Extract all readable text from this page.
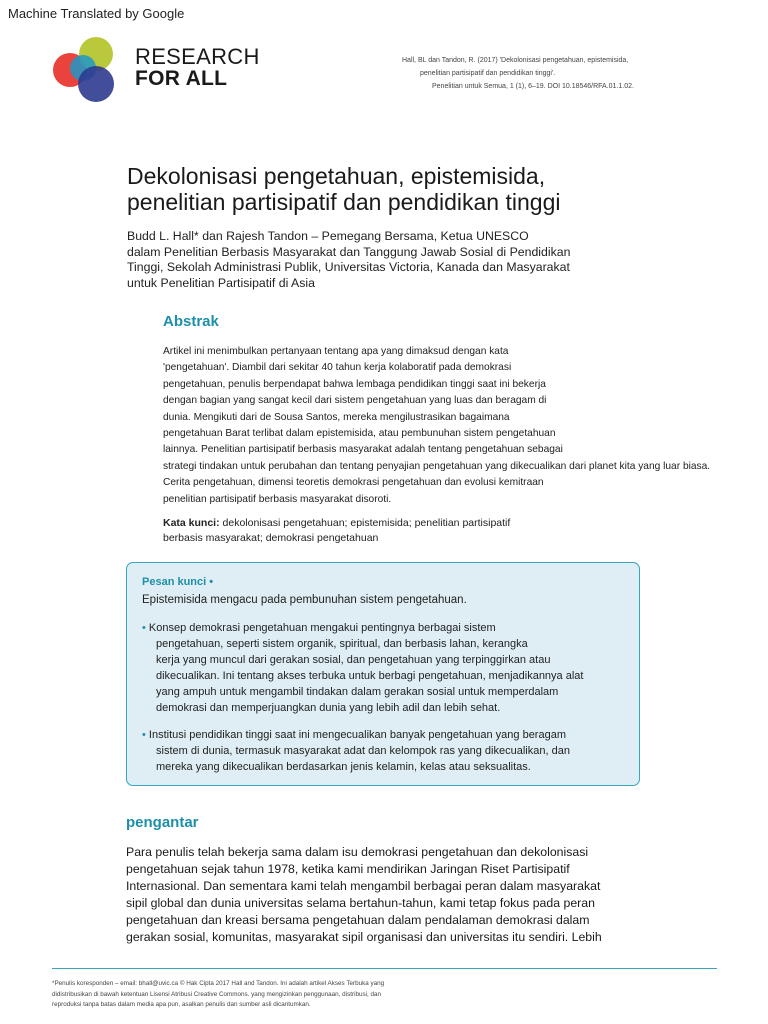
Machine Translated by Google
RESEARCH
FOR ALL
Hall, BL dan Tandon, R. (2017) 'Dekolonisasi pengetahuan, epistemisida,
penelitian partisipatif dan pendidikan tinggi'.
Penelitian untuk Semua, 1 (1), 6–19. DOI 10.18546/RFA.01.1.02.
Dekolonisasi pengetahuan, epistemisida,
penelitian partisipatif dan pendidikan tinggi
Budd L. Hall* dan Rajesh Tandon – Pemegang Bersama, Ketua UNESCO
dalam Penelitian Berbasis Masyarakat dan Tanggung Jawab Sosial di Pendidikan
Tinggi, Sekolah Administrasi Publik, Universitas Victoria, Kanada dan Masyarakat
untuk Penelitian Partisipatif di Asia
Abstrak
Artikel ini menimbulkan pertanyaan tentang apa yang dimaksud dengan kata
'pengetahuan'. Diambil dari sekitar 40 tahun kerja kolaboratif pada demokrasi
pengetahuan, penulis berpendapat bahwa lembaga pendidikan tinggi saat ini bekerja
dengan bagian yang sangat kecil dari sistem pengetahuan yang luas dan beragam di
dunia. Mengikuti dari de Sousa Santos, mereka mengilustrasikan bagaimana
pengetahuan Barat terlibat dalam epistemisida, atau pembunuhan sistem pengetahuan
lainnya. Penelitian partisipatif berbasis masyarakat adalah tentang pengetahuan sebagai
strategi tindakan untuk perubahan dan tentang penyajian pengetahuan yang dikecualikan dari planet kita yang luar biasa.
Cerita pengetahuan, dimensi teoretis demokrasi pengetahuan dan evolusi kemitraan
penelitian partisipatif berbasis masyarakat disoroti.
Kata kunci: dekolonisasi pengetahuan; epistemisida; penelitian partisipatif
berbasis masyarakat; demokrasi pengetahuan
Pesan kunci •
Epistemisida mengacu pada pembunuhan sistem pengetahuan.
• Konsep demokrasi pengetahuan mengakui pentingnya berbagai sistem
pengetahuan, seperti sistem organik, spiritual, dan berbasis lahan, kerangka
kerja yang muncul dari gerakan sosial, dan pengetahuan yang terpinggirkan atau
dikecualikan. Ini tentang akses terbuka untuk berbagi pengetahuan, menjadikannya alat
yang ampuh untuk mengambil tindakan dalam gerakan sosial untuk memperdalam
demokrasi dan memperjuangkan dunia yang lebih adil dan lebih sehat.
• Institusi pendidikan tinggi saat ini mengecualikan banyak pengetahuan yang beragam
sistem di dunia, termasuk masyarakat adat dan kelompok ras yang dikecualikan, dan
mereka yang dikecualikan berdasarkan jenis kelamin, kelas atau seksualitas.
pengantar
Para penulis telah bekerja sama dalam isu demokrasi pengetahuan dan dekolonisasi
pengetahuan sejak tahun 1978, ketika kami mendirikan Jaringan Riset Partisipatif
Internasional. Dan sementara kami telah mengambil berbagai peran dalam masyarakat
sipil global dan dunia universitas selama bertahun-tahun, kami tetap fokus pada peran
pengetahuan dan kreasi bersama pengetahuan dalam pendalaman demokrasi dalam
gerakan sosial, komunitas, masyarakat sipil organisasi dan universitas itu sendiri. Lebih
*Penulis koresponden – email: bhall@uvic.ca © Hak Cipta 2017 Hall and Tandon. Ini adalah artikel Akses Terbuka yang
didistribusikan di bawah ketentuan Lisensi Atribusi Creative Commons. yang mengizinkan penggunaan, distribusi, dan
reproduksi tanpa batas dalam media apa pun, asalkan penulis dan sumber asli dicantumkan.
